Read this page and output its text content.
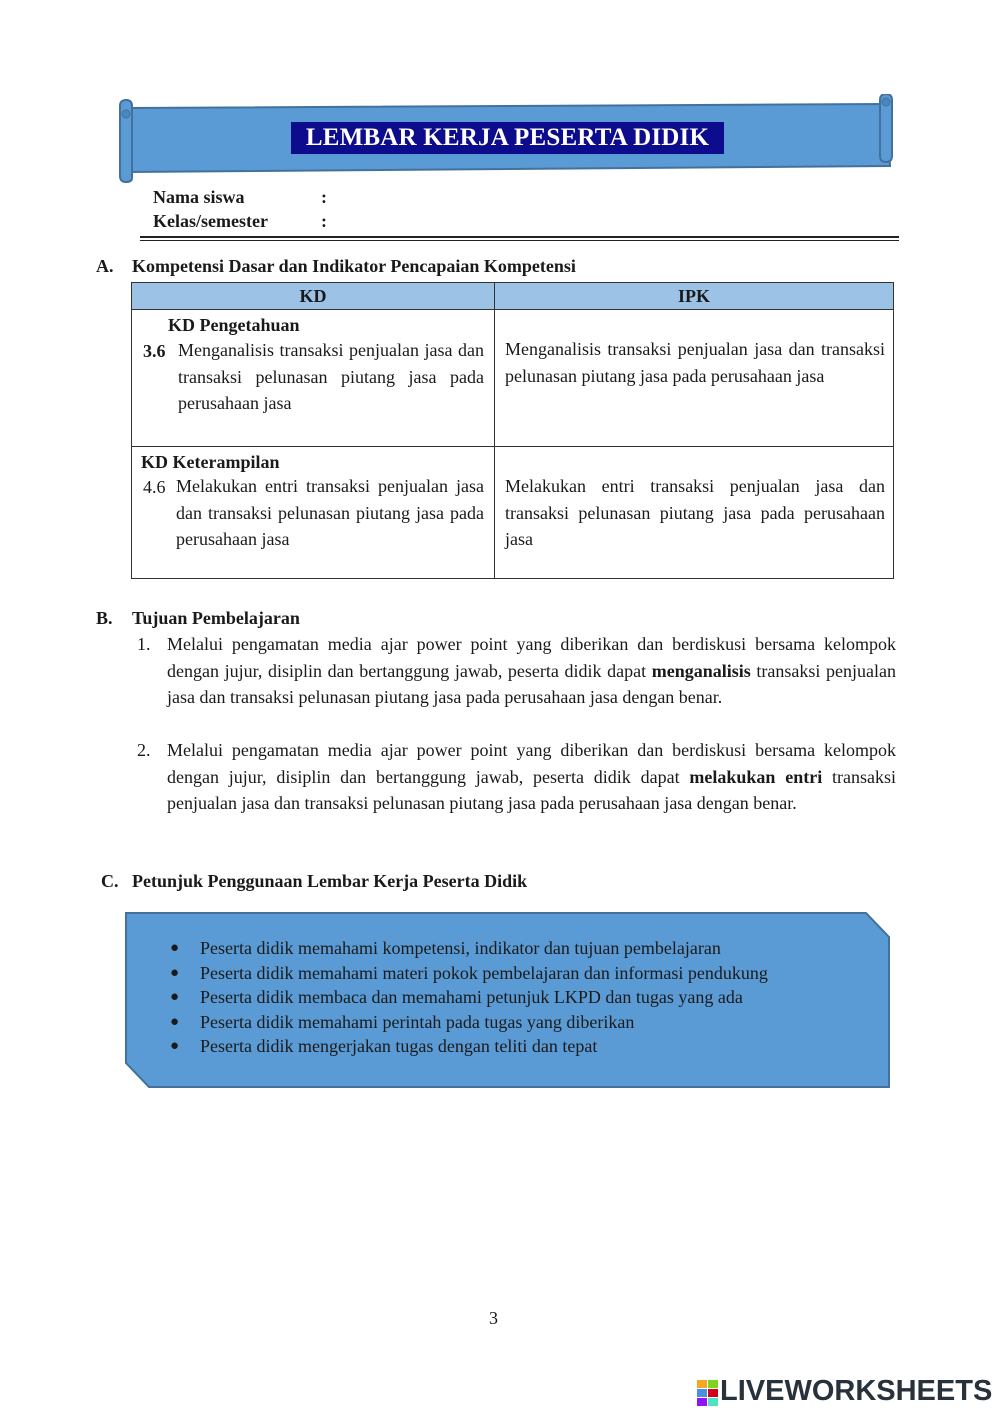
LEMBAR KERJA PESERTA DIDIK
Nama siswa	:
Kelas/semester	:
A. Kompetensi Dasar dan Indikator Pencapaian Kompetensi
KD	IPK

KD Pengetahuan
3.6 Menganalisis transaksi penjualan jasa dan transaksi pelunasan piutang jasa pada perusahaan jasa	Menganalisis transaksi penjualan jasa dan transaksi pelunasan piutang jasa pada perusahaan jasa

KD Keterampilan
4.6 Melakukan entri transaksi penjualan jasa dan transaksi pelunasan piutang jasa pada perusahaan jasa	Melakukan entri transaksi penjualan jasa dan transaksi pelunasan piutang jasa pada perusahaan jasa
B. Tujuan Pembelajaran
1. Melalui pengamatan media ajar power point yang diberikan dan berdiskusi bersama kelompok dengan jujur, disiplin dan bertanggung jawab, peserta didik dapat menganalisis transaksi penjualan jasa dan transaksi pelunasan piutang jasa pada perusahaan jasa dengan benar.
2. Melalui pengamatan media ajar power point yang diberikan dan berdiskusi bersama kelompok dengan jujur, disiplin dan bertanggung jawab, peserta didik dapat melakukan entri transaksi penjualan jasa dan transaksi pelunasan piutang jasa pada perusahaan jasa dengan benar.
C. Petunjuk Penggunaan Lembar Kerja Peserta Didik
● Peserta didik memahami kompetensi, indikator dan tujuan pembelajaran
● Peserta didik memahami materi pokok pembelajaran dan informasi pendukung
● Peserta didik membaca dan memahami petunjuk LKPD dan tugas yang ada
● Peserta didik memahami perintah pada tugas yang diberikan
● Peserta didik mengerjakan tugas dengan teliti dan tepat
3
LIVEWORKSHEETS
